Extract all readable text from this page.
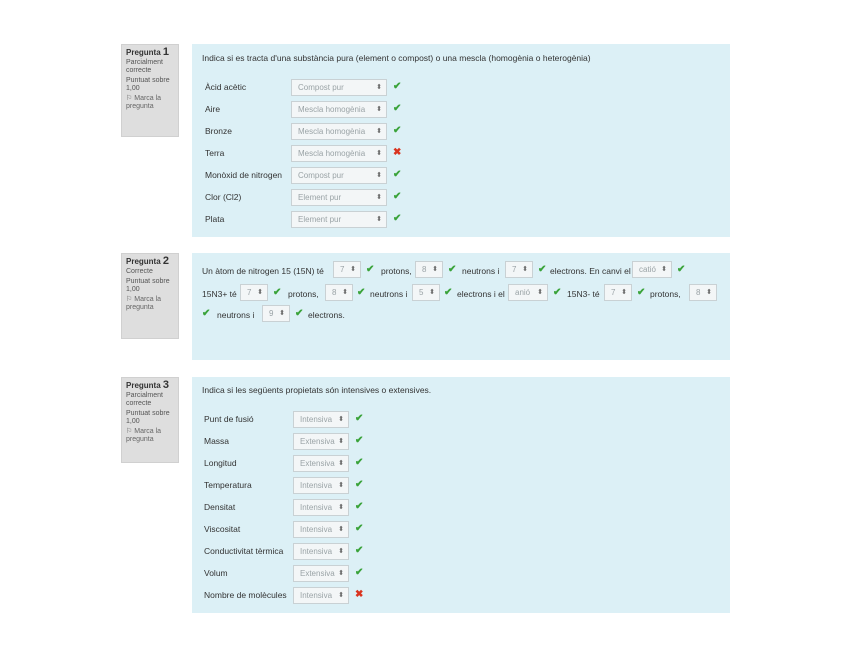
Pregunta 1
Parcialment correcte
Puntuat sobre 1,00
⚐ Marca la pregunta
Indica si es tracta d'una substància pura (element o compost) o una mescla (homogènia o heterogènia)
Àcid acètic	Compost pur	⬍ ✔
Aire	Mescla homogènia ⬍ ✔
Bronze	Mescla homogènia ⬍ ✔
Terra	Mescla homogènia ⬍ ✖
Monòxid de nitrogen	Compost pur	⬍ ✔
Clor (Cl2)	Element pur	⬍ ✔
Plata	Element pur	⬍ ✔
Pregunta 2
Correcte
Puntuat sobre 1,00
⚐ Marca la pregunta
Un àtom de nitrogen 15 (15N) té	7 ⬍ ✔ protons,	8 ⬍ ✔ neutrons i	7 ⬍ ✔ electrons. En canvi el	catió ⬍ ✔
15N3+ té	7 ⬍ ✔ protons,	8 ⬍ ✔ neutrons i	5 ⬍ ✔ electrons i el	anió ⬍ ✔ 15N3- té	7 ⬍ ✔ protons,	8 ⬍
✔ neutrons i	9 ⬍ ✔ electrons.
Pregunta 3
Parcialment correcte
Puntuat sobre 1,00
⚐ Marca la pregunta
Indica si les següents propietats són intensives o extensives.
Punt de fusió	Intensiva ⬍ ✔
Massa	Extensiva ⬍ ✔
Longitud	Extensiva ⬍ ✔
Temperatura	Intensiva ⬍ ✔
Densitat	Intensiva ⬍ ✔
Viscositat	Intensiva ⬍ ✔
Conductivitat tèrmica	Intensiva ⬍ ✔
Volum	Extensiva ⬍ ✔
Nombre de molècules	Intensiva ⬍ ✖
